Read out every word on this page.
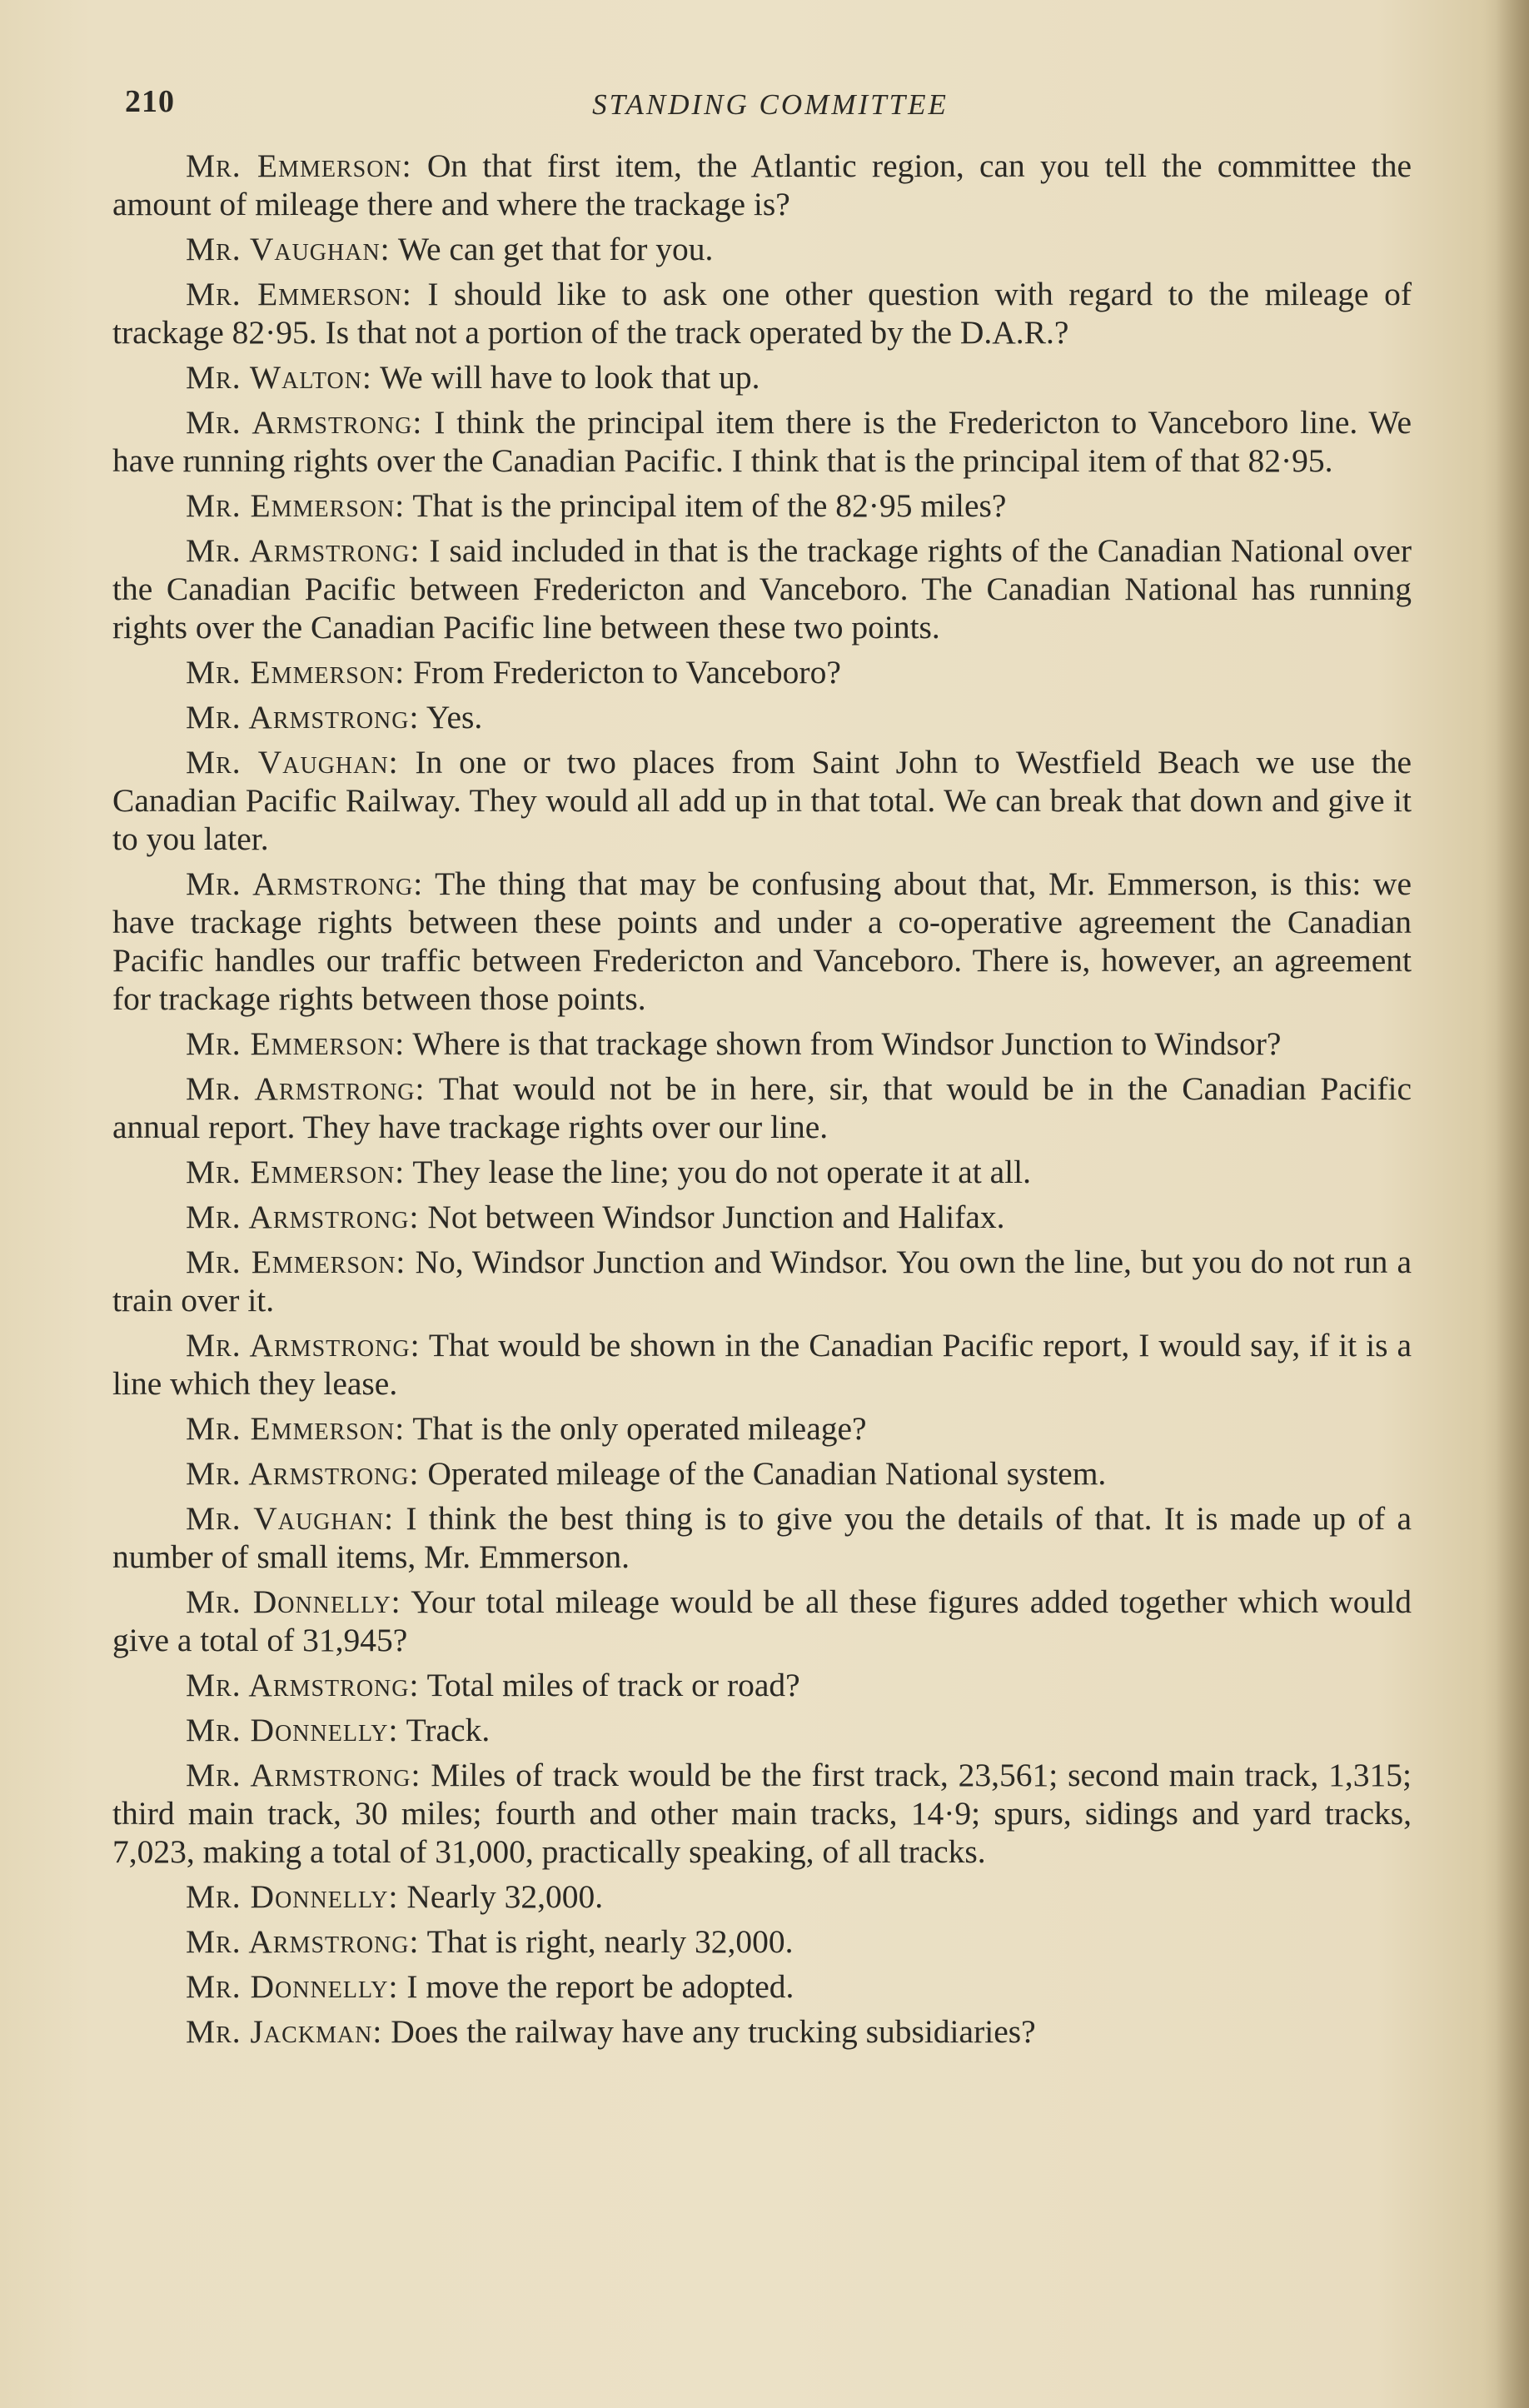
210	STANDING COMMITTEE

Mr. Emmerson: On that first item, the Atlantic region, can you tell the committee the amount of mileage there and where the trackage is?

Mr. Vaughan: We can get that for you.

Mr. Emmerson: I should like to ask one other question with regard to the mileage of trackage 82·95. Is that not a portion of the track operated by the D.A.R.?

Mr. Walton: We will have to look that up.

Mr. Armstrong: I think the principal item there is the Fredericton to Vanceboro line. We have running rights over the Canadian Pacific. I think that is the principal item of that 82·95.

Mr. Emmerson: That is the principal item of the 82·95 miles?

Mr. Armstrong: I said included in that is the trackage rights of the Canadian National over the Canadian Pacific between Fredericton and Vanceboro. The Canadian National has running rights over the Canadian Pacific line between these two points.

Mr. Emmerson: From Fredericton to Vanceboro?

Mr. Armstrong: Yes.

Mr. Vaughan: In one or two places from Saint John to Westfield Beach we use the Canadian Pacific Railway. They would all add up in that total. We can break that down and give it to you later.

Mr. Armstrong: The thing that may be confusing about that, Mr. Emmerson, is this: we have trackage rights between these points and under a co-operative agreement the Canadian Pacific handles our traffic between Fredericton and Vanceboro. There is, however, an agreement for trackage rights between those points.

Mr. Emmerson: Where is that trackage shown from Windsor Junction to Windsor?

Mr. Armstrong: That would not be in here, sir, that would be in the Canadian Pacific annual report. They have trackage rights over our line.

Mr. Emmerson: They lease the line; you do not operate it at all.

Mr. Armstrong: Not between Windsor Junction and Halifax.

Mr. Emmerson: No, Windsor Junction and Windsor. You own the line, but you do not run a train over it.

Mr. Armstrong: That would be shown in the Canadian Pacific report, I would say, if it is a line which they lease.

Mr. Emmerson: That is the only operated mileage?

Mr. Armstrong: Operated mileage of the Canadian National system.

Mr. Vaughan: I think the best thing is to give you the details of that. It is made up of a number of small items, Mr. Emmerson.

Mr. Donnelly: Your total mileage would be all these figures added together which would give a total of 31,945?

Mr. Armstrong: Total miles of track or road?

Mr. Donnelly: Track.

Mr. Armstrong: Miles of track would be the first track, 23,561; second main track, 1,315; third main track, 30 miles; fourth and other main tracks, 14·9; spurs, sidings and yard tracks, 7,023, making a total of 31,000, practically speaking, of all tracks.

Mr. Donnelly: Nearly 32,000.

Mr. Armstrong: That is right, nearly 32,000.

Mr. Donnelly: I move the report be adopted.

Mr. Jackman: Does the railway have any trucking subsidiaries?
